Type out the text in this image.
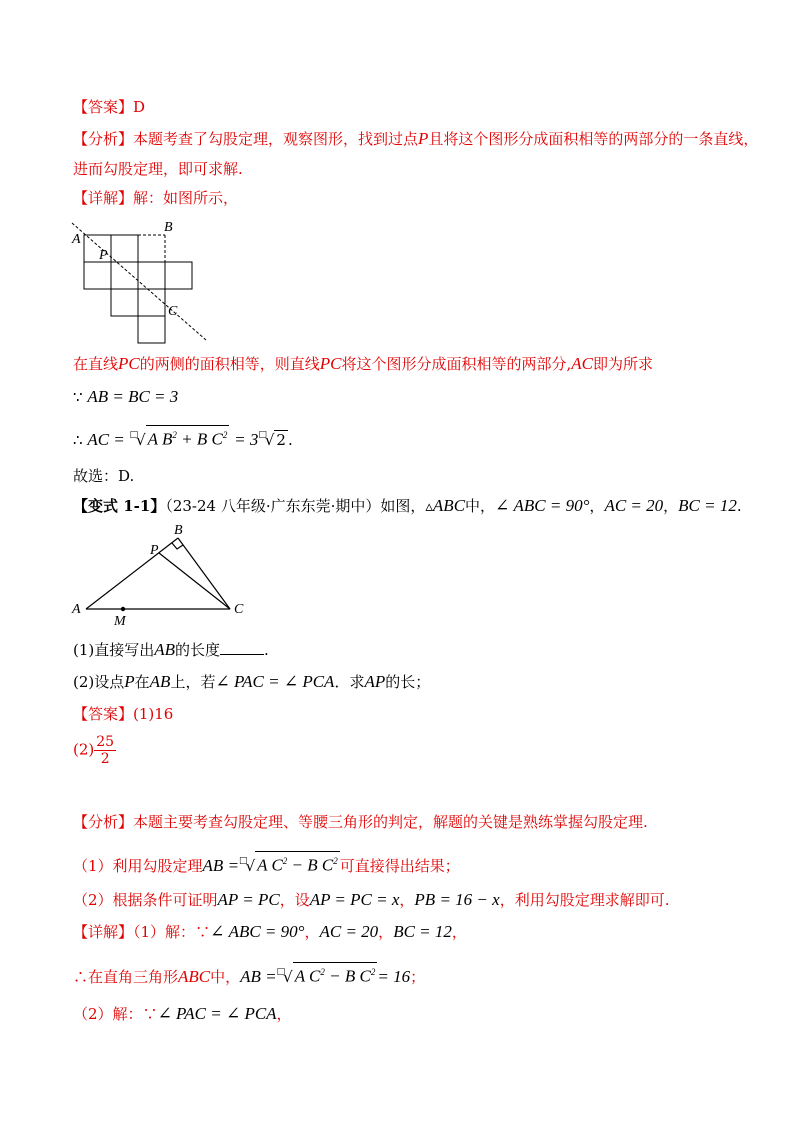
【答案】D
【分析】本题考查了勾股定理，观察图形，找到过点P且将这个图形分成面积相等的两部分的一条直线，
进而勾股定理，即可求解.
【详解】解：如图所示，
A
B
P
C
在直线PC的两侧的面积相等，则直线PC将这个图形分成面积相等的两部分,AC即为所求
∵ AB = BC = 3
∴ AC = □√ A $B^2 + B$ $C^2 = 3^□√$ 2 .
故选：D.
【变式 1-1】（23-24 八年级·广东东莞·期中）如图，▵ABC中，∠ ABC = 90°，AC = 20，BC = 12.
A
B
P
C
M
(1)直接写出AB的长度	.
(2)设点P在AB上，若∠ PAC = ∠ PCA．求AP的长；
【答案】(1)16
$(2) \frac{25}{2}$
【分析】本题主要考查勾股定理、等腰三角形的判定，解题的关键是熟练掌握勾股定理.
（1）利用勾股定理AB =□√ A $C^2 - B$ $C^2$ 可直接得出结果；
（2）根据条件可证明AP = PC，设AP = PC = x，PB = 16 − x，利用勾股定理求解即可.
【详解】（1）解：∵∠ ABC = 90°，AC = 20，BC = 12，
∴在直角三角形ABC中，AB =□√ A $C^2 - B$ $C^2 = 16$；
（2）解：∵∠ PAC = ∠ PCA，
